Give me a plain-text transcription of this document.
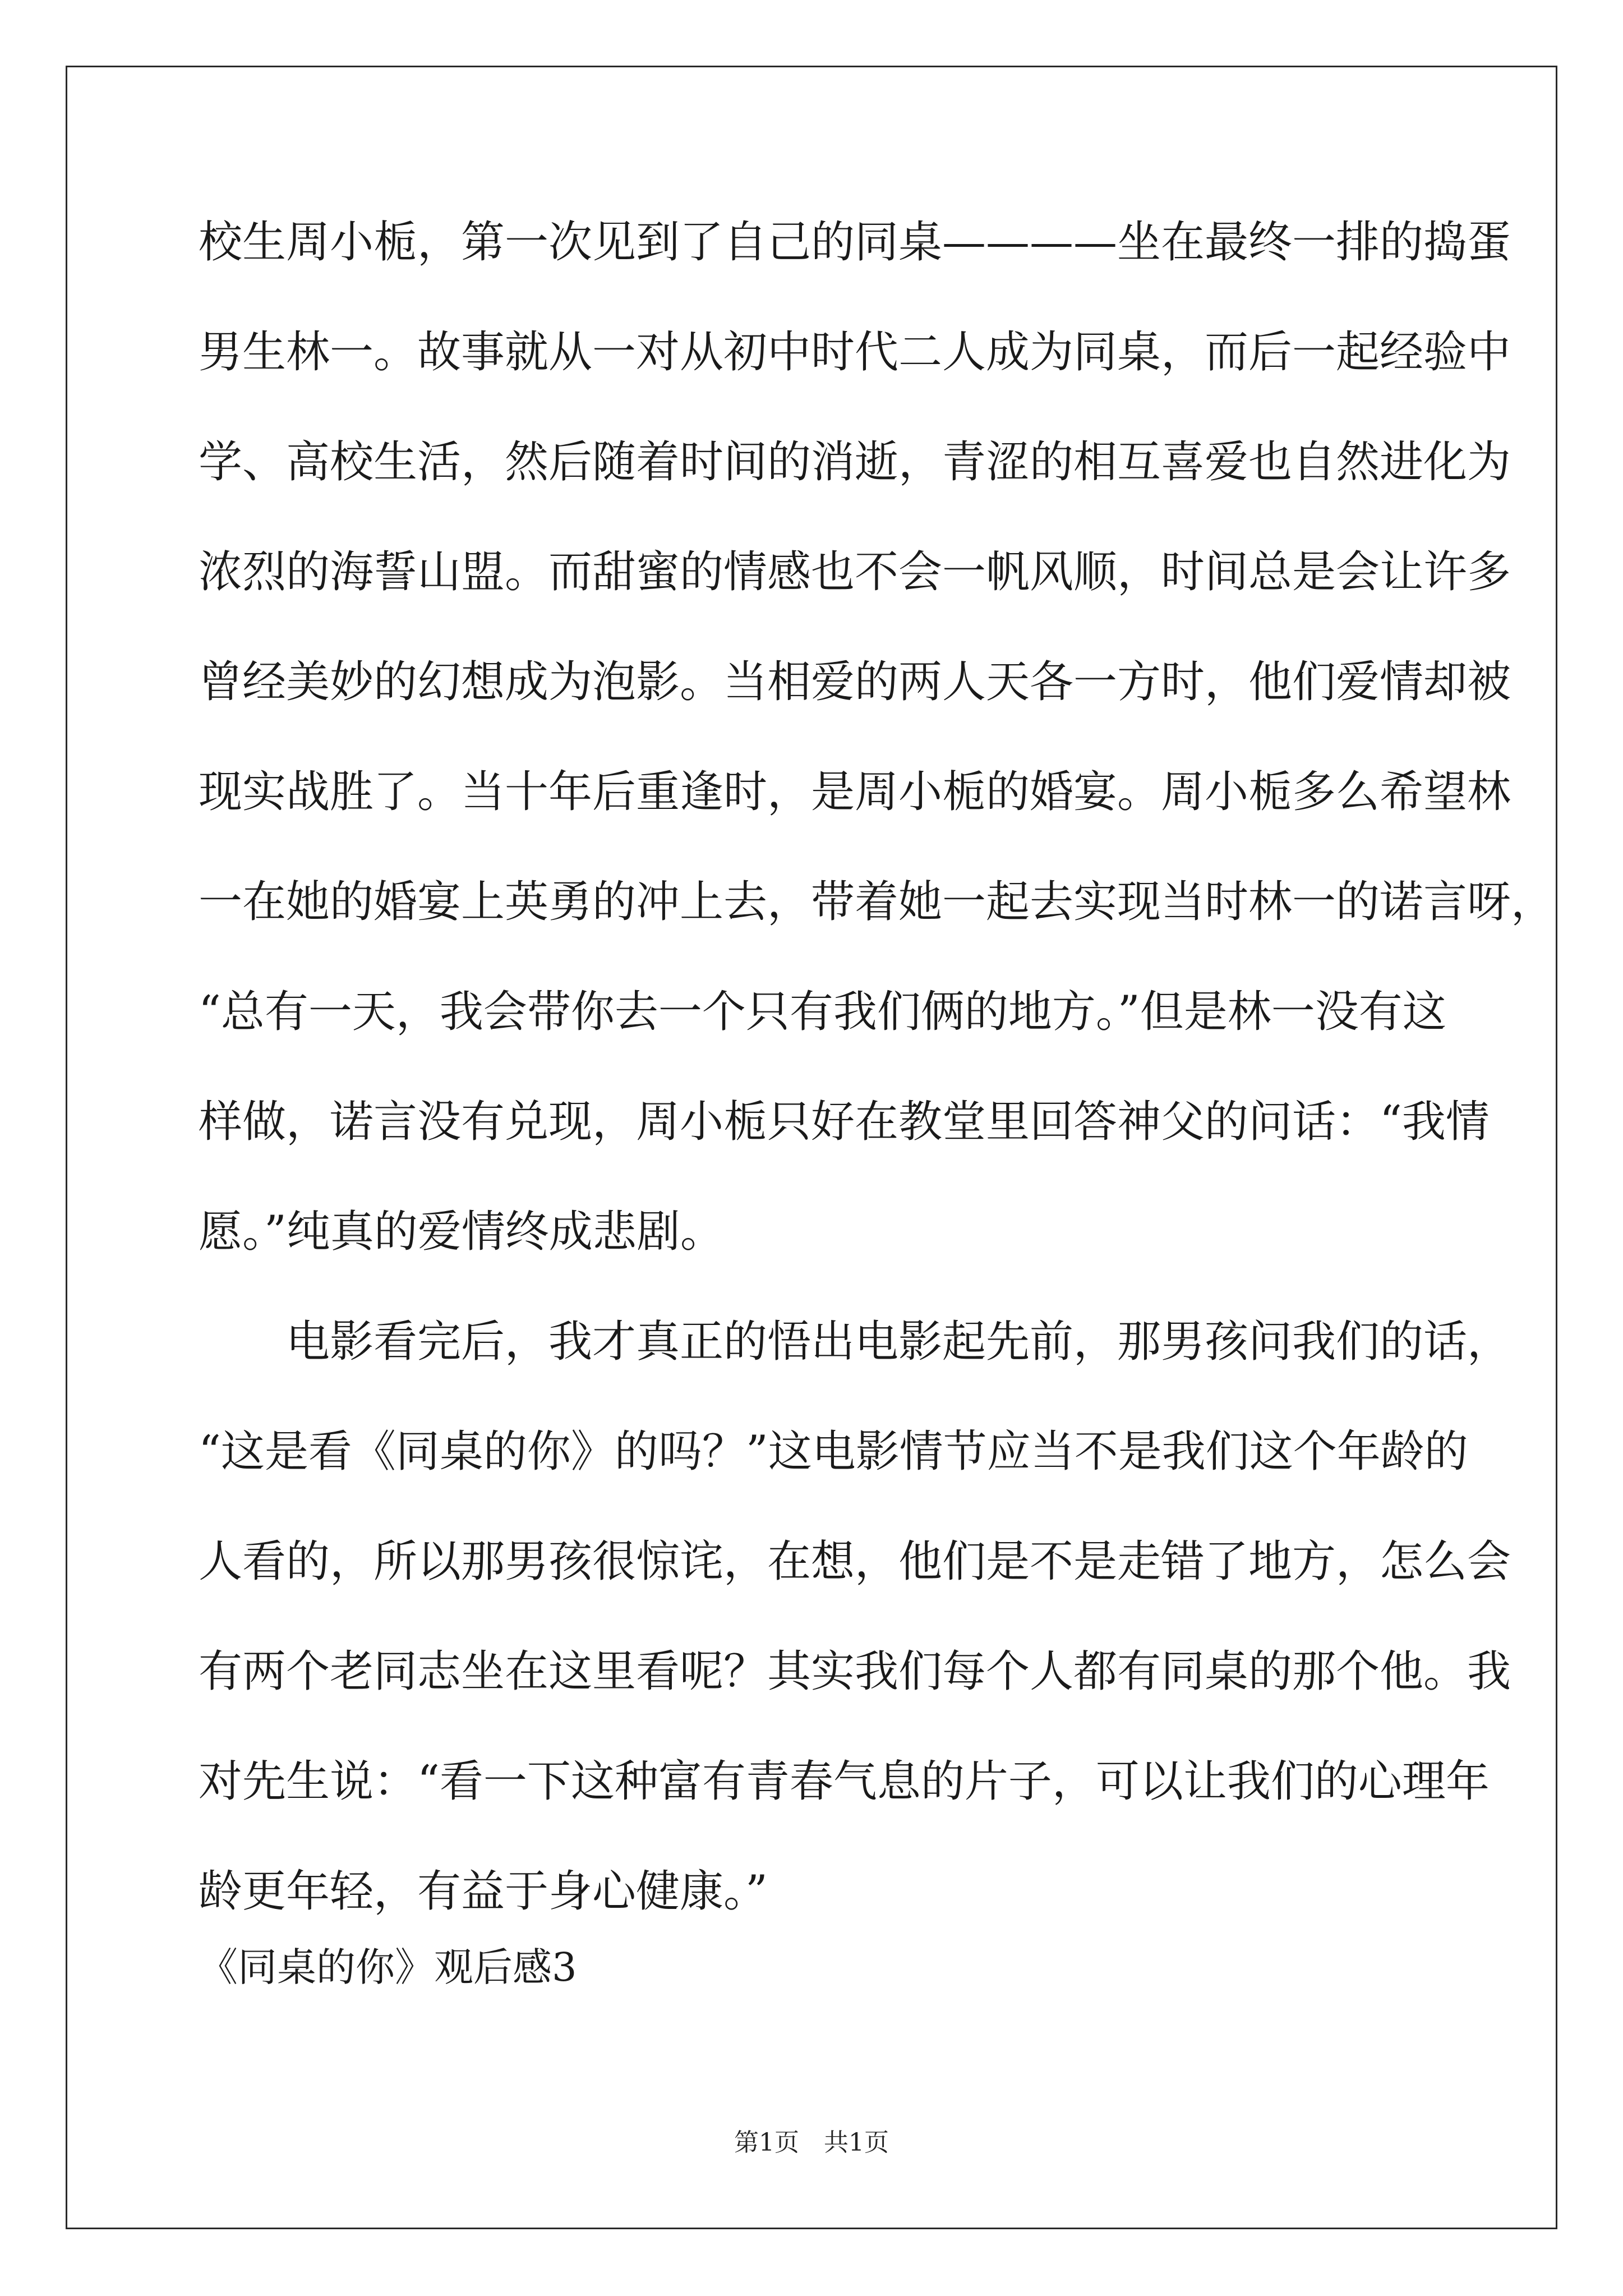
校生周小栀，第一次见到了自己的同桌————坐在最终一排的捣蛋
男生林一。故事就从一对从初中时代二人成为同桌，而后一起经验中
学、高校生活，然后随着时间的消逝，青涩的相互喜爱也自然进化为
浓烈的海誓山盟。而甜蜜的情感也不会一帆风顺，时间总是会让许多
曾经美妙的幻想成为泡影。当相爱的两人天各一方时，他们爱情却被
现实战胜了。当十年后重逢时，是周小栀的婚宴。周小栀多么希望林
一在她的婚宴上英勇的冲上去，带着她一起去实现当时林一的诺言呀，
“总有一天，我会带你去一个只有我们俩的地方。”但是林一没有这
样做，诺言没有兑现，周小栀只好在教堂里回答神父的问话：“我情
愿。”纯真的爱情终成悲剧。
电影看完后，我才真正的悟出电影起先前，那男孩问我们的话，
“这是看《同桌的你》的吗？”这电影情节应当不是我们这个年龄的
人看的，所以那男孩很惊诧，在想，他们是不是走错了地方，怎么会
有两个老同志坐在这里看呢？其实我们每个人都有同桌的那个他。我
对先生说：“看一下这种富有青春气息的片子，可以让我们的心理年
龄更年轻，有益于身心健康。”
《同桌的你》观后感3
第1页　共1页
